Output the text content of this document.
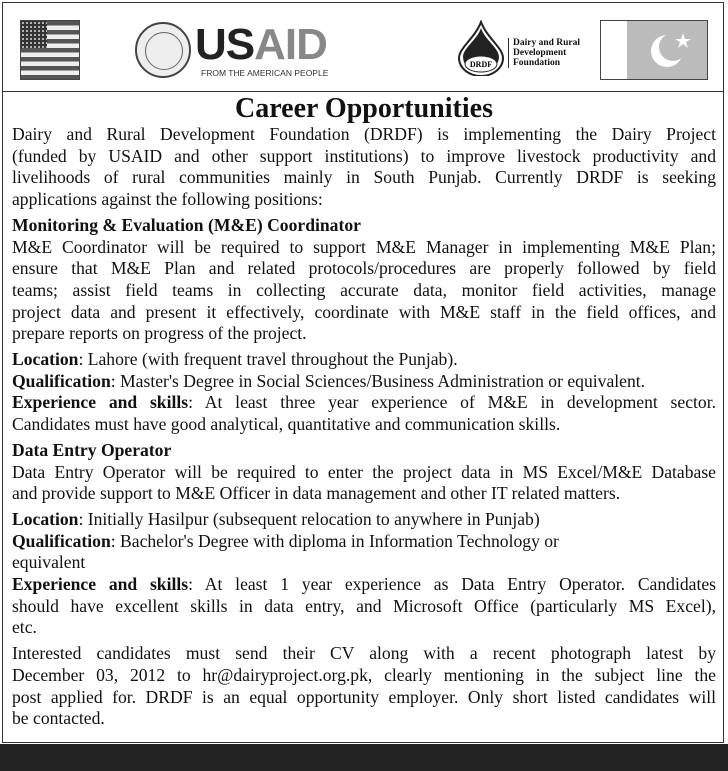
USAID
FROM THE AMERICAN PEOPLE
DRDF
Dairy and Rural
Development
Foundation
Career Opportunities
Dairy and Rural Development Foundation (DRDF) is implementing the Dairy Project
(funded by USAID and other support institutions) to improve livestock productivity and
livelihoods of rural communities mainly in South Punjab. Currently DRDF is seeking
applications against the following positions:
Monitoring & Evaluation (M&E) Coordinator
M&E Coordinator will be required to support M&E Manager in implementing M&E Plan;
ensure that M&E Plan and related protocols/procedures are properly followed by field
teams; assist field teams in collecting accurate data, monitor field activities, manage
project data and present it effectively, coordinate with M&E staff in the field offices, and
prepare reports on progress of the project.
Location: Lahore (with frequent travel throughout the Punjab).
Qualification: Master's Degree in Social Sciences/Business Administration or equivalent.
Experience and skills: At least three year experience of M&E in development sector.
Candidates must have good analytical, quantitative and communication skills.
Data Entry Operator
Data Entry Operator will be required to enter the project data in MS Excel/M&E Database
and provide support to M&E Officer in data management and other IT related matters.
Location: Initially Hasilpur (subsequent relocation to anywhere in Punjab)
Qualification: Bachelor's Degree with diploma in Information Technology or
equivalent
Experience and skills: At least 1 year experience as Data Entry Operator. Candidates
should have excellent skills in data entry, and Microsoft Office (particularly MS Excel),
etc.
Interested candidates must send their CV along with a recent photograph latest by
December 03, 2012 to hr@dairyproject.org.pk, clearly mentioning in the subject line the
post applied for. DRDF is an equal opportunity employer. Only short listed candidates will
be contacted.
